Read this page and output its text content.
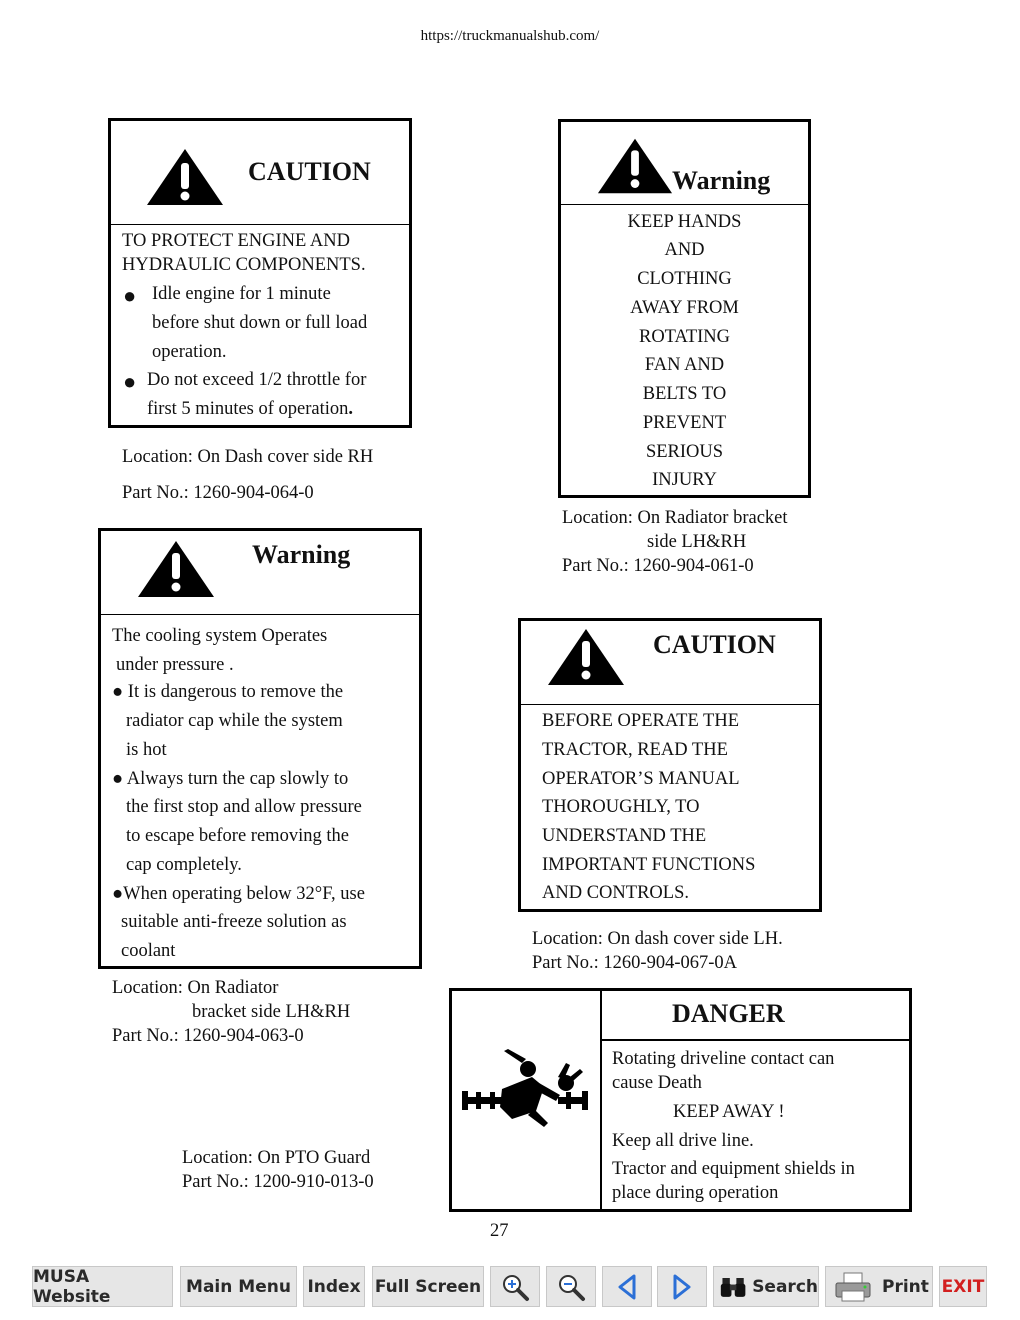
https://truckmanualshub.com/
CAUTION
TO PROTECT ENGINE AND
HYDRAULIC COMPONENTS.
● Idle engine for 1 minute
before shut down or full load
operation.
● Do not exceed 1/2 throttle for
first 5 minutes of operation.
Location: On Dash cover side RH
Part No.: 1260-904-064-0
Warning
KEEP HANDS
AND
CLOTHING
AWAY FROM
ROTATING
FAN AND
BELTS TO
PREVENT
SERIOUS
INJURY
Location: On Radiator bracket
side LH&RH
Part No.: 1260-904-061-0
Warning
The cooling system Operates
under pressure .
● It is dangerous to remove the
radiator cap while the system
is hot
● Always turn the cap slowly to
the first stop and allow pressure
to escape before removing the
cap completely.
●When operating below 32°F, use
suitable anti-freeze solution as
coolant
Location: On Radiator
bracket side LH&RH
Part No.: 1260-904-063-0
CAUTION
BEFORE OPERATE THE
TRACTOR, READ THE
OPERATOR’S MANUAL
THOROUGHLY, TO
UNDERSTAND THE
IMPORTANT FUNCTIONS
AND CONTROLS.
Location: On dash cover side LH.
Part No.: 1260-904-067-0A
DANGER
Rotating driveline contact can
cause Death
KEEP AWAY !
Keep all drive line.
Tractor and equipment shields in
place during operation
Location: On PTO Guard
Part No.: 1200-910-013-0
27
MUSA Website	Main Menu Index Full Screen	Search	Print EXIT
